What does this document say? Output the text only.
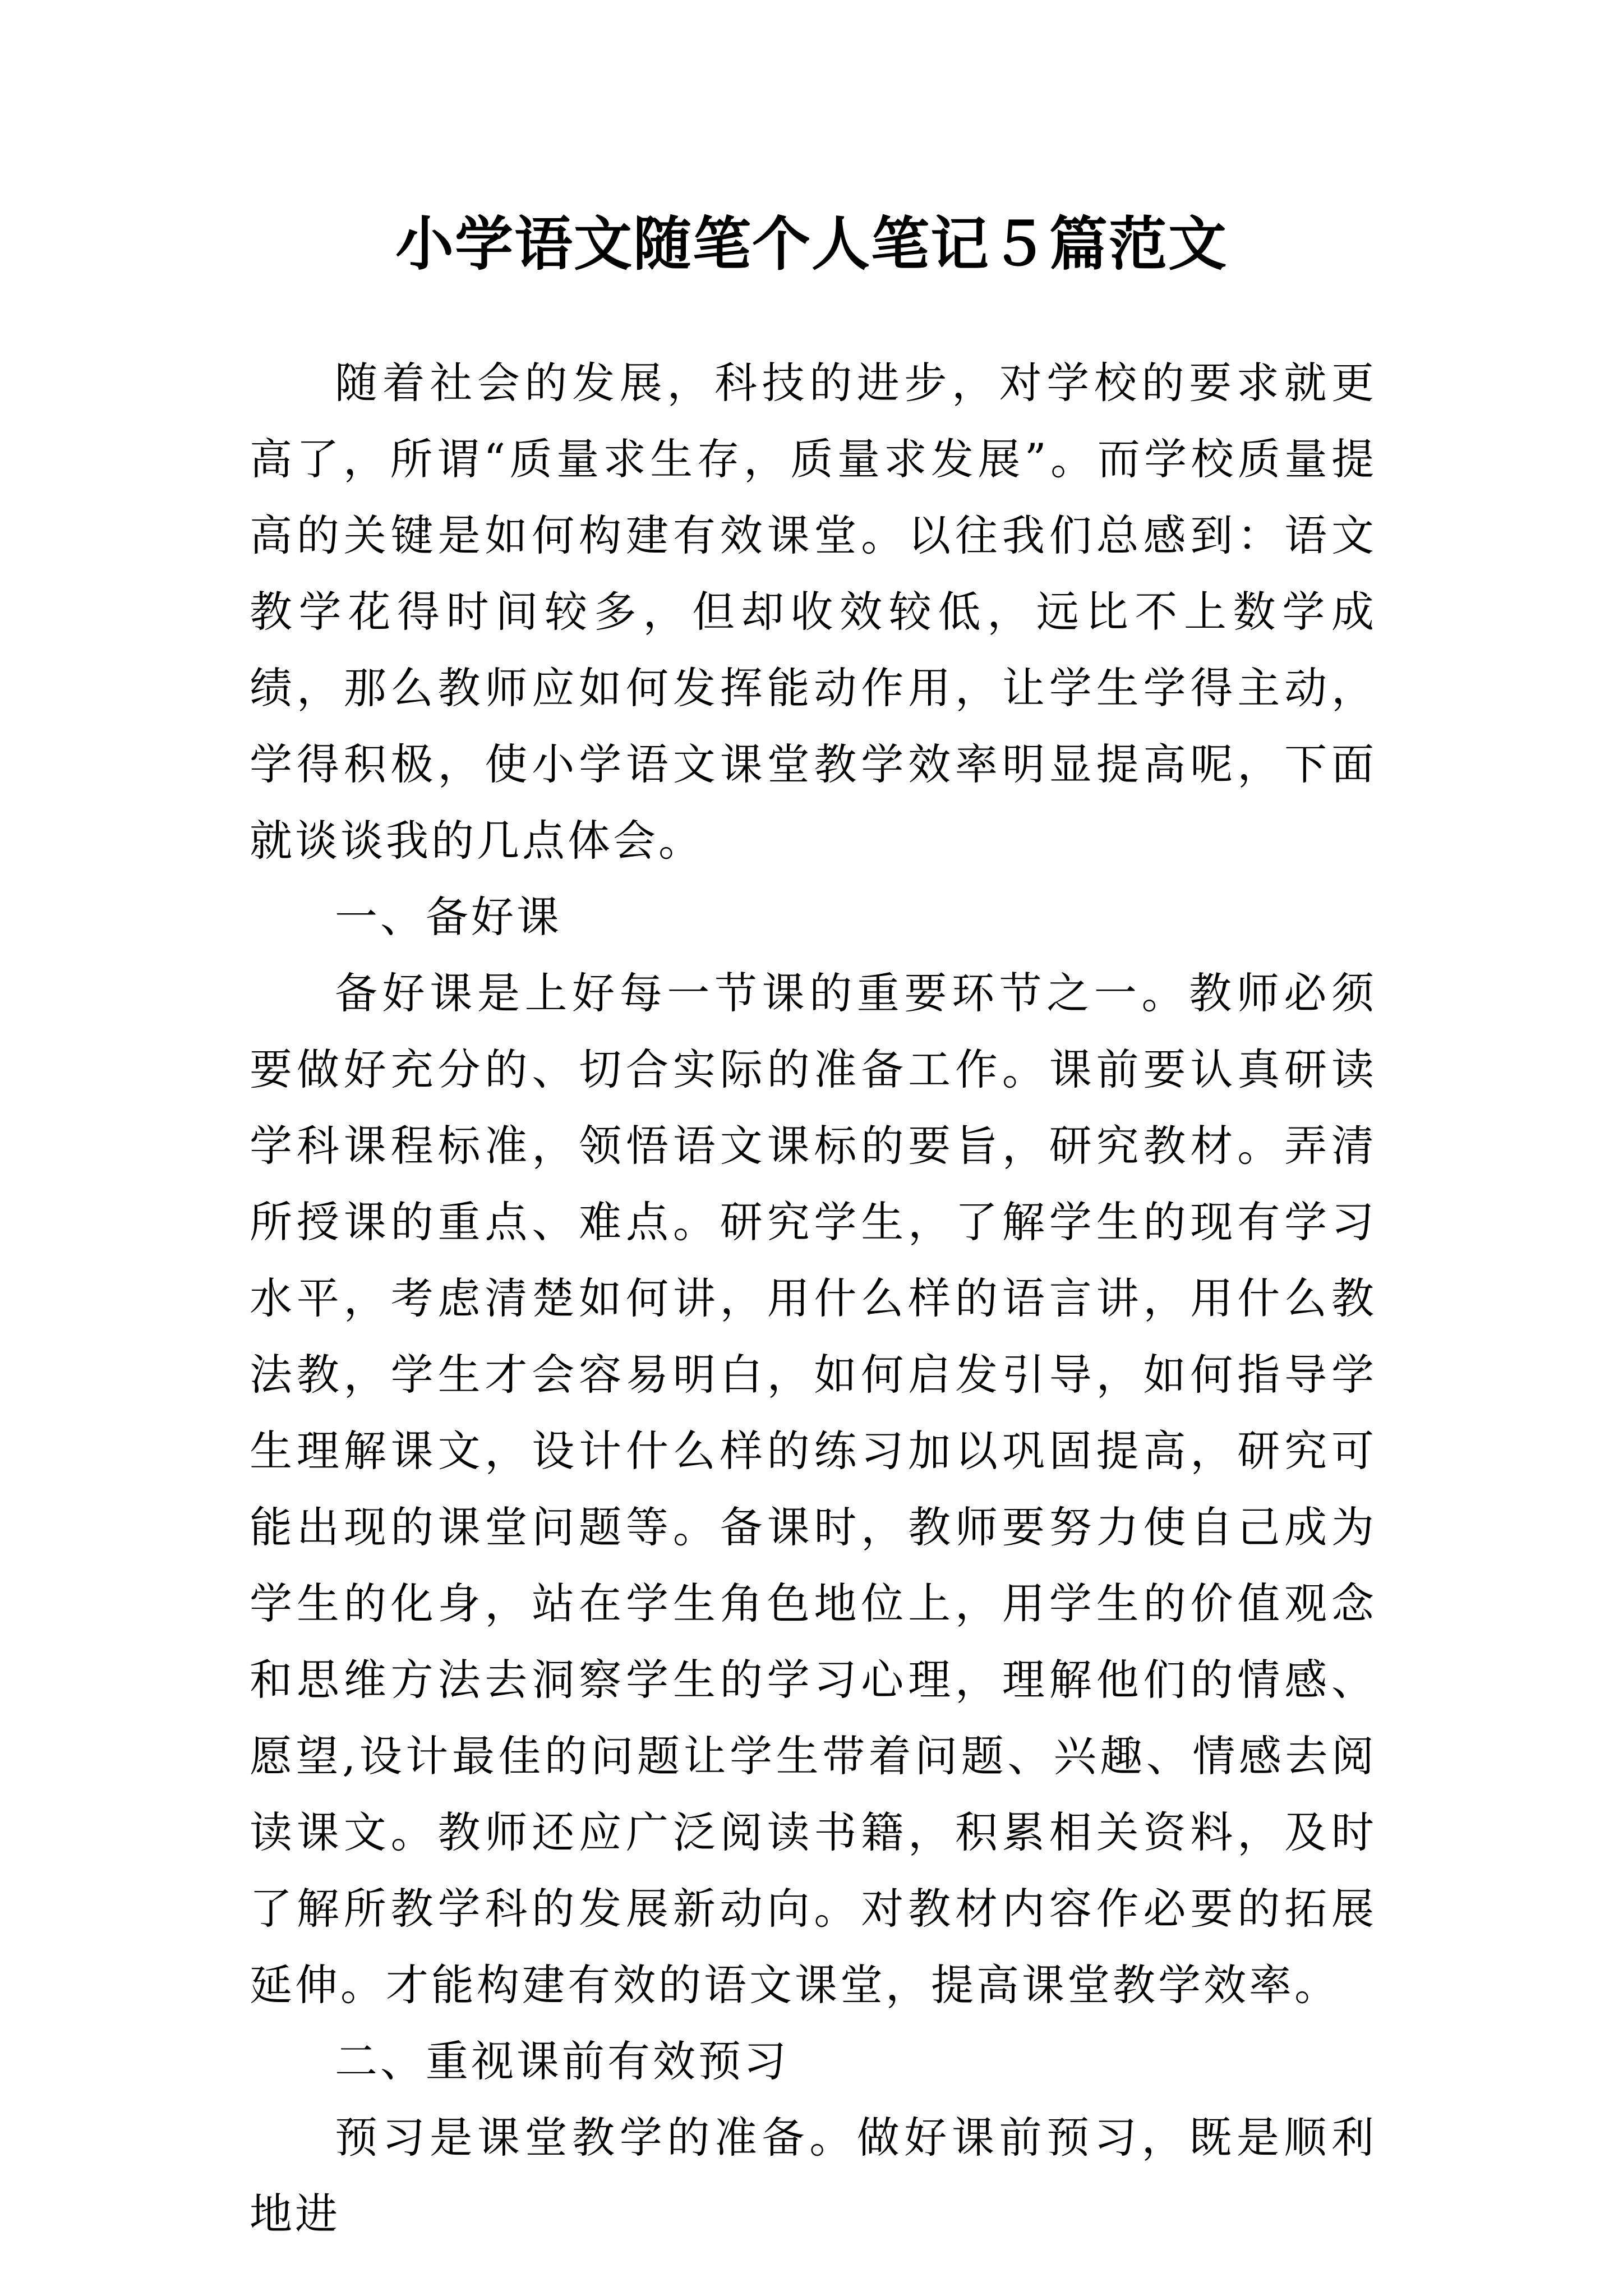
小学语文随笔个人笔记５篇范文

随着社会的发展，科技的进步，对学校的要求就更高了，所谓“质量求生存，质量求发展”。而学校质量提高的关键是如何构建有效课堂。以往我们总感到：语文教学花得时间较多，但却收效较低，远比不上数学成绩，那么教师应如何发挥能动作用，让学生学得主动，学得积极，使小学语文课堂教学效率明显提高呢，下面就谈谈我的几点体会。

一、备好课

备好课是上好每一节课的重要环节之一。教师必须要做好充分的、切合实际的准备工作。课前要认真研读学科课程标准，领悟语文课标的要旨，研究教材。弄清所授课的重点、难点。研究学生，了解学生的现有学习水平，考虑清楚如何讲，用什么样的语言讲，用什么教法教，学生才会容易明白，如何启发引导，如何指导学生理解课文，设计什么样的练习加以巩固提高，研究可能出现的课堂问题等。备课时，教师要努力使自己成为学生的化身，站在学生角色地位上，用学生的价值观念和思维方法去洞察学生的学习心理，理解他们的情感、愿望,设计最佳的问题让学生带着问题、兴趣、情感去阅读课文。教师还应广泛阅读书籍，积累相关资料，及时了解所教学科的发展新动向。对教材内容作必要的拓展延伸。才能构建有效的语文课堂，提高课堂教学效率。

二、重视课前有效预习

预习是课堂教学的准备。做好课前预习，既是顺利地进
